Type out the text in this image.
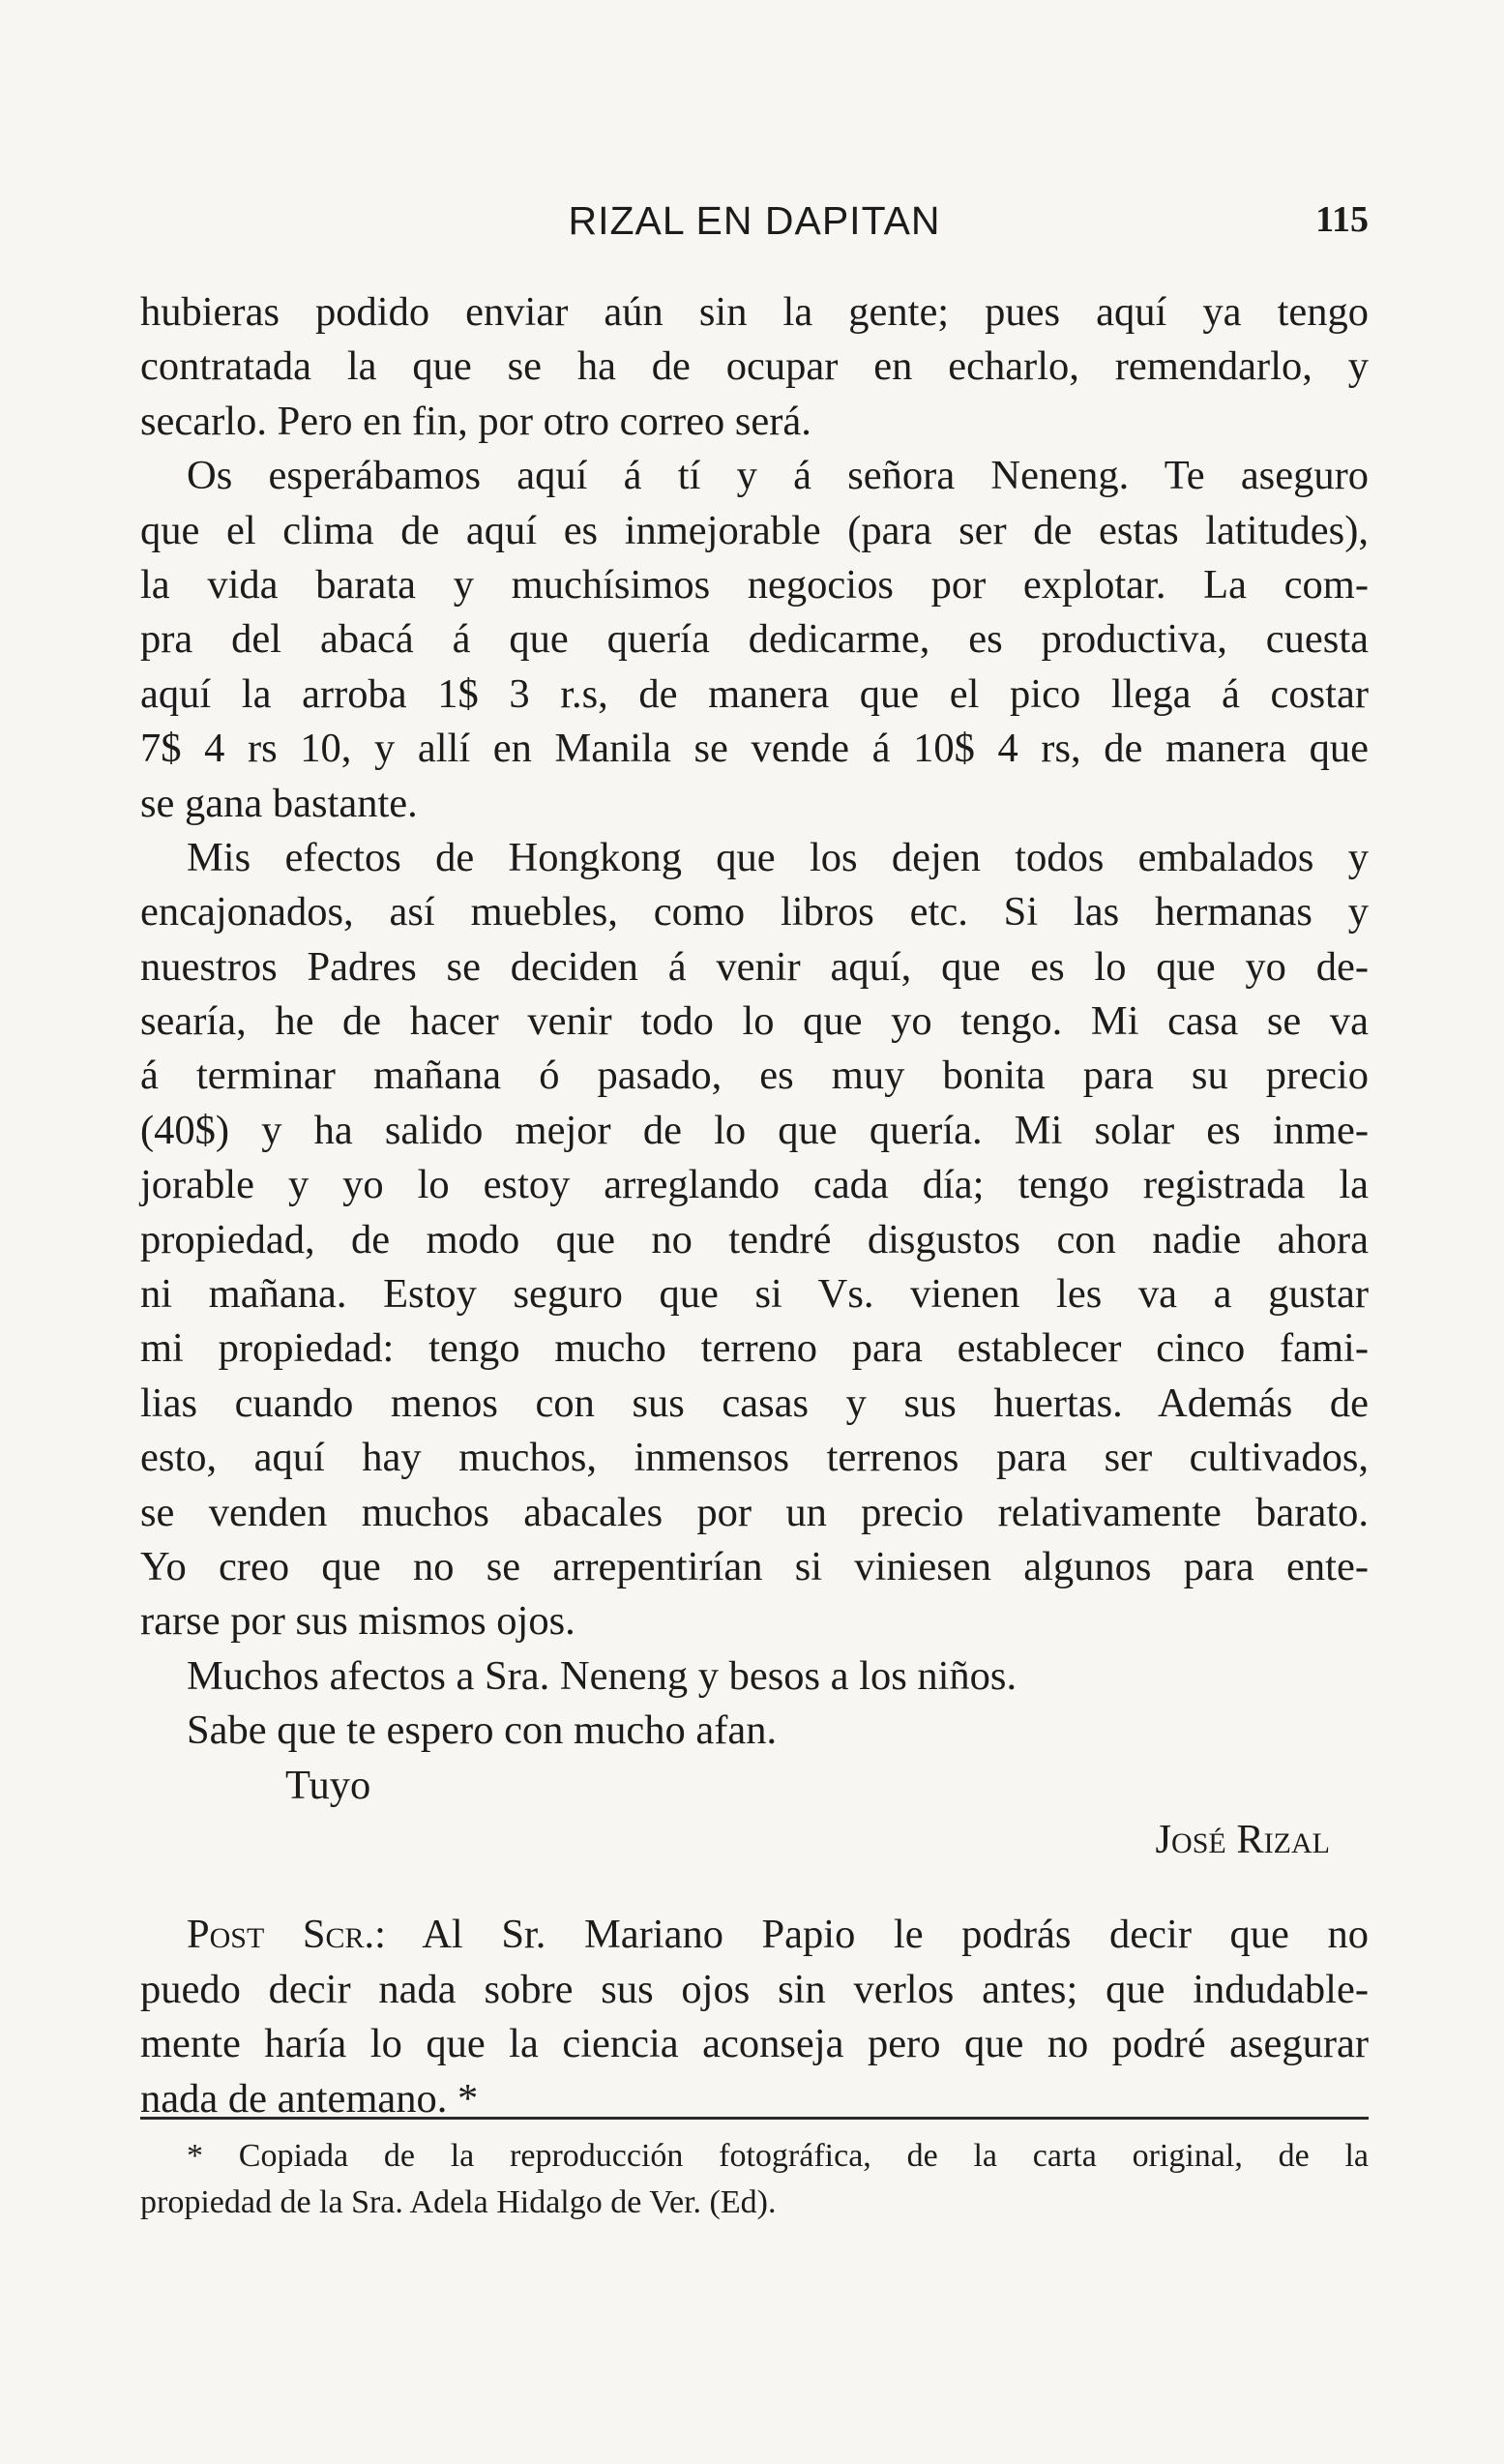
RIZAL EN DAPITAN	115
hubieras podido enviar aún sin la gente; pues aquí ya tengo
contratada la que se ha de ocupar en echarlo, remendarlo, y
secarlo. Pero en fin, por otro correo será.
Os esperábamos aquí á tí y á señora Neneng. Te aseguro
que el clima de aquí es inmejorable (para ser de estas latitudes),
la vida barata y muchísimos negocios por explotar. La com-
pra del abacá á que quería dedicarme, es productiva, cuesta
aquí la arroba 1$ 3 r.s, de manera que el pico llega á costar
7$ 4 rs 10, y allí en Manila se vende á 10$ 4 rs, de manera que
se gana bastante.
Mis efectos de Hongkong que los dejen todos embalados y
encajonados, así muebles, como libros etc. Si las hermanas y
nuestros Padres se deciden á venir aquí, que es lo que yo de-
searía, he de hacer venir todo lo que yo tengo. Mi casa se va
á terminar mañana ó pasado, es muy bonita para su precio
(40$) y ha salido mejor de lo que quería. Mi solar es inme-
jorable y yo lo estoy arreglando cada día; tengo registrada la
propiedad, de modo que no tendré disgustos con nadie ahora
ni mañana. Estoy seguro que si Vs. vienen les va a gustar
mi propiedad: tengo mucho terreno para establecer cinco fami-
lias cuando menos con sus casas y sus huertas. Además de
esto, aquí hay muchos, inmensos terrenos para ser cultivados,
se venden muchos abacales por un precio relativamente barato.
Yo creo que no se arrepentirían si viniesen algunos para ente-
rarse por sus mismos ojos.
Muchos afectos a Sra. Neneng y besos a los niños.
Sabe que te espero con mucho afan.
Tuyo
José Rizal
Post Scr.: Al Sr. Mariano Papio le podrás decir que no
puedo decir nada sobre sus ojos sin verlos antes; que indudable-
mente haría lo que la ciencia aconseja pero que no podré asegurar
nada de antemano. *
* Copiada de la reproducción fotográfica, de la carta original, de la
propiedad de la Sra. Adela Hidalgo de Ver. (Ed).
